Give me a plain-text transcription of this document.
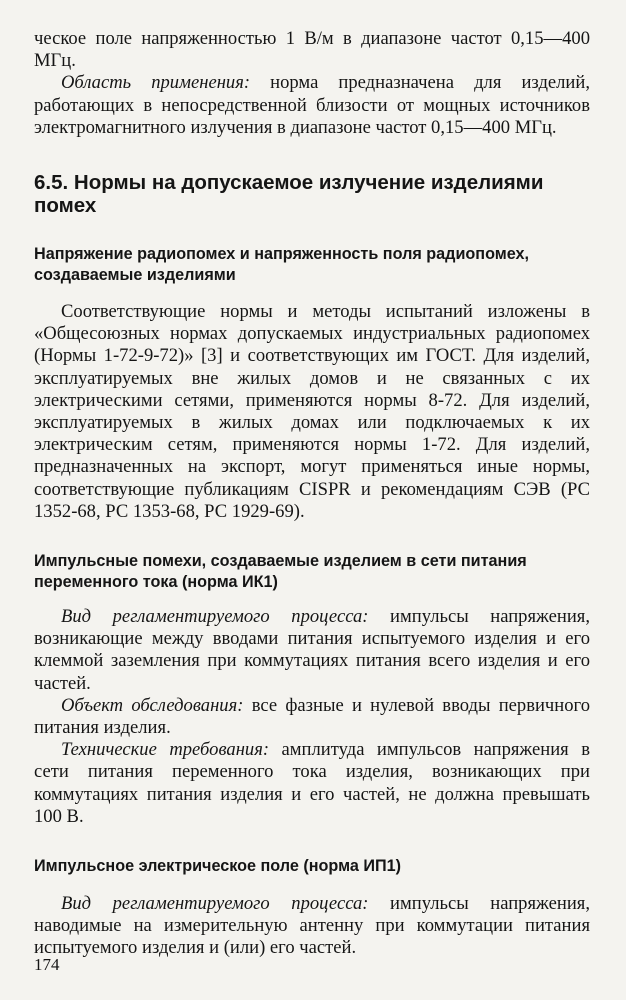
ческое поле напряженностью 1 В/м в диапазоне частот 0,15—400 МГц.

Область применения: норма предназначена для изделий, работающих в непосредственной близости от мощных источников электромагнитного излучения в диапазоне частот 0,15—400 МГц.

6.5. Нормы на допускаемое излучение изделиями помех
Напряжение радиопомех и напряженность поля радиопомех, создаваемые изделиями

Соответствующие нормы и методы испытаний изложены в «Общесоюзных нормах допускаемых индустриальных радиопомех (Нормы 1-72-9-72)» [3] и соответствующих им ГОСТ. Для изделий, эксплуатируемых вне жилых домов и не связанных с их электрическими сетями, применяются нормы 8-72. Для изделий, эксплуатируемых в жилых домах или подключаемых к их электрическим сетям, применяются нормы 1-72. Для изделий, предназначенных на экспорт, могут применяться иные нормы, соответствующие публикациям CISPR и рекомендациям СЭВ (РС 1352-68, РС 1353-68, РС 1929-69).

Импульсные помехи, создаваемые изделием в сети питания переменного тока (норма ИК1)

Вид регламентируемого процесса: импульсы напряжения, возникающие между вводами питания испытуемого изделия и его клеммой заземления при коммутациях питания всего изделия и его частей.

Объект обследования: все фазные и нулевой вводы первичного питания изделия.

Технические требования: амплитуда импульсов напряжения в сети питания переменного тока изделия, возникающих при коммутациях питания изделия и его частей, не должна превышать 100 В.

Импульсное электрическое поле (норма ИП1)

Вид регламентируемого процесса: импульсы напряжения, наводимые на измерительную антенну при коммутации питания испытуемого изделия и (или) его частей.

174
